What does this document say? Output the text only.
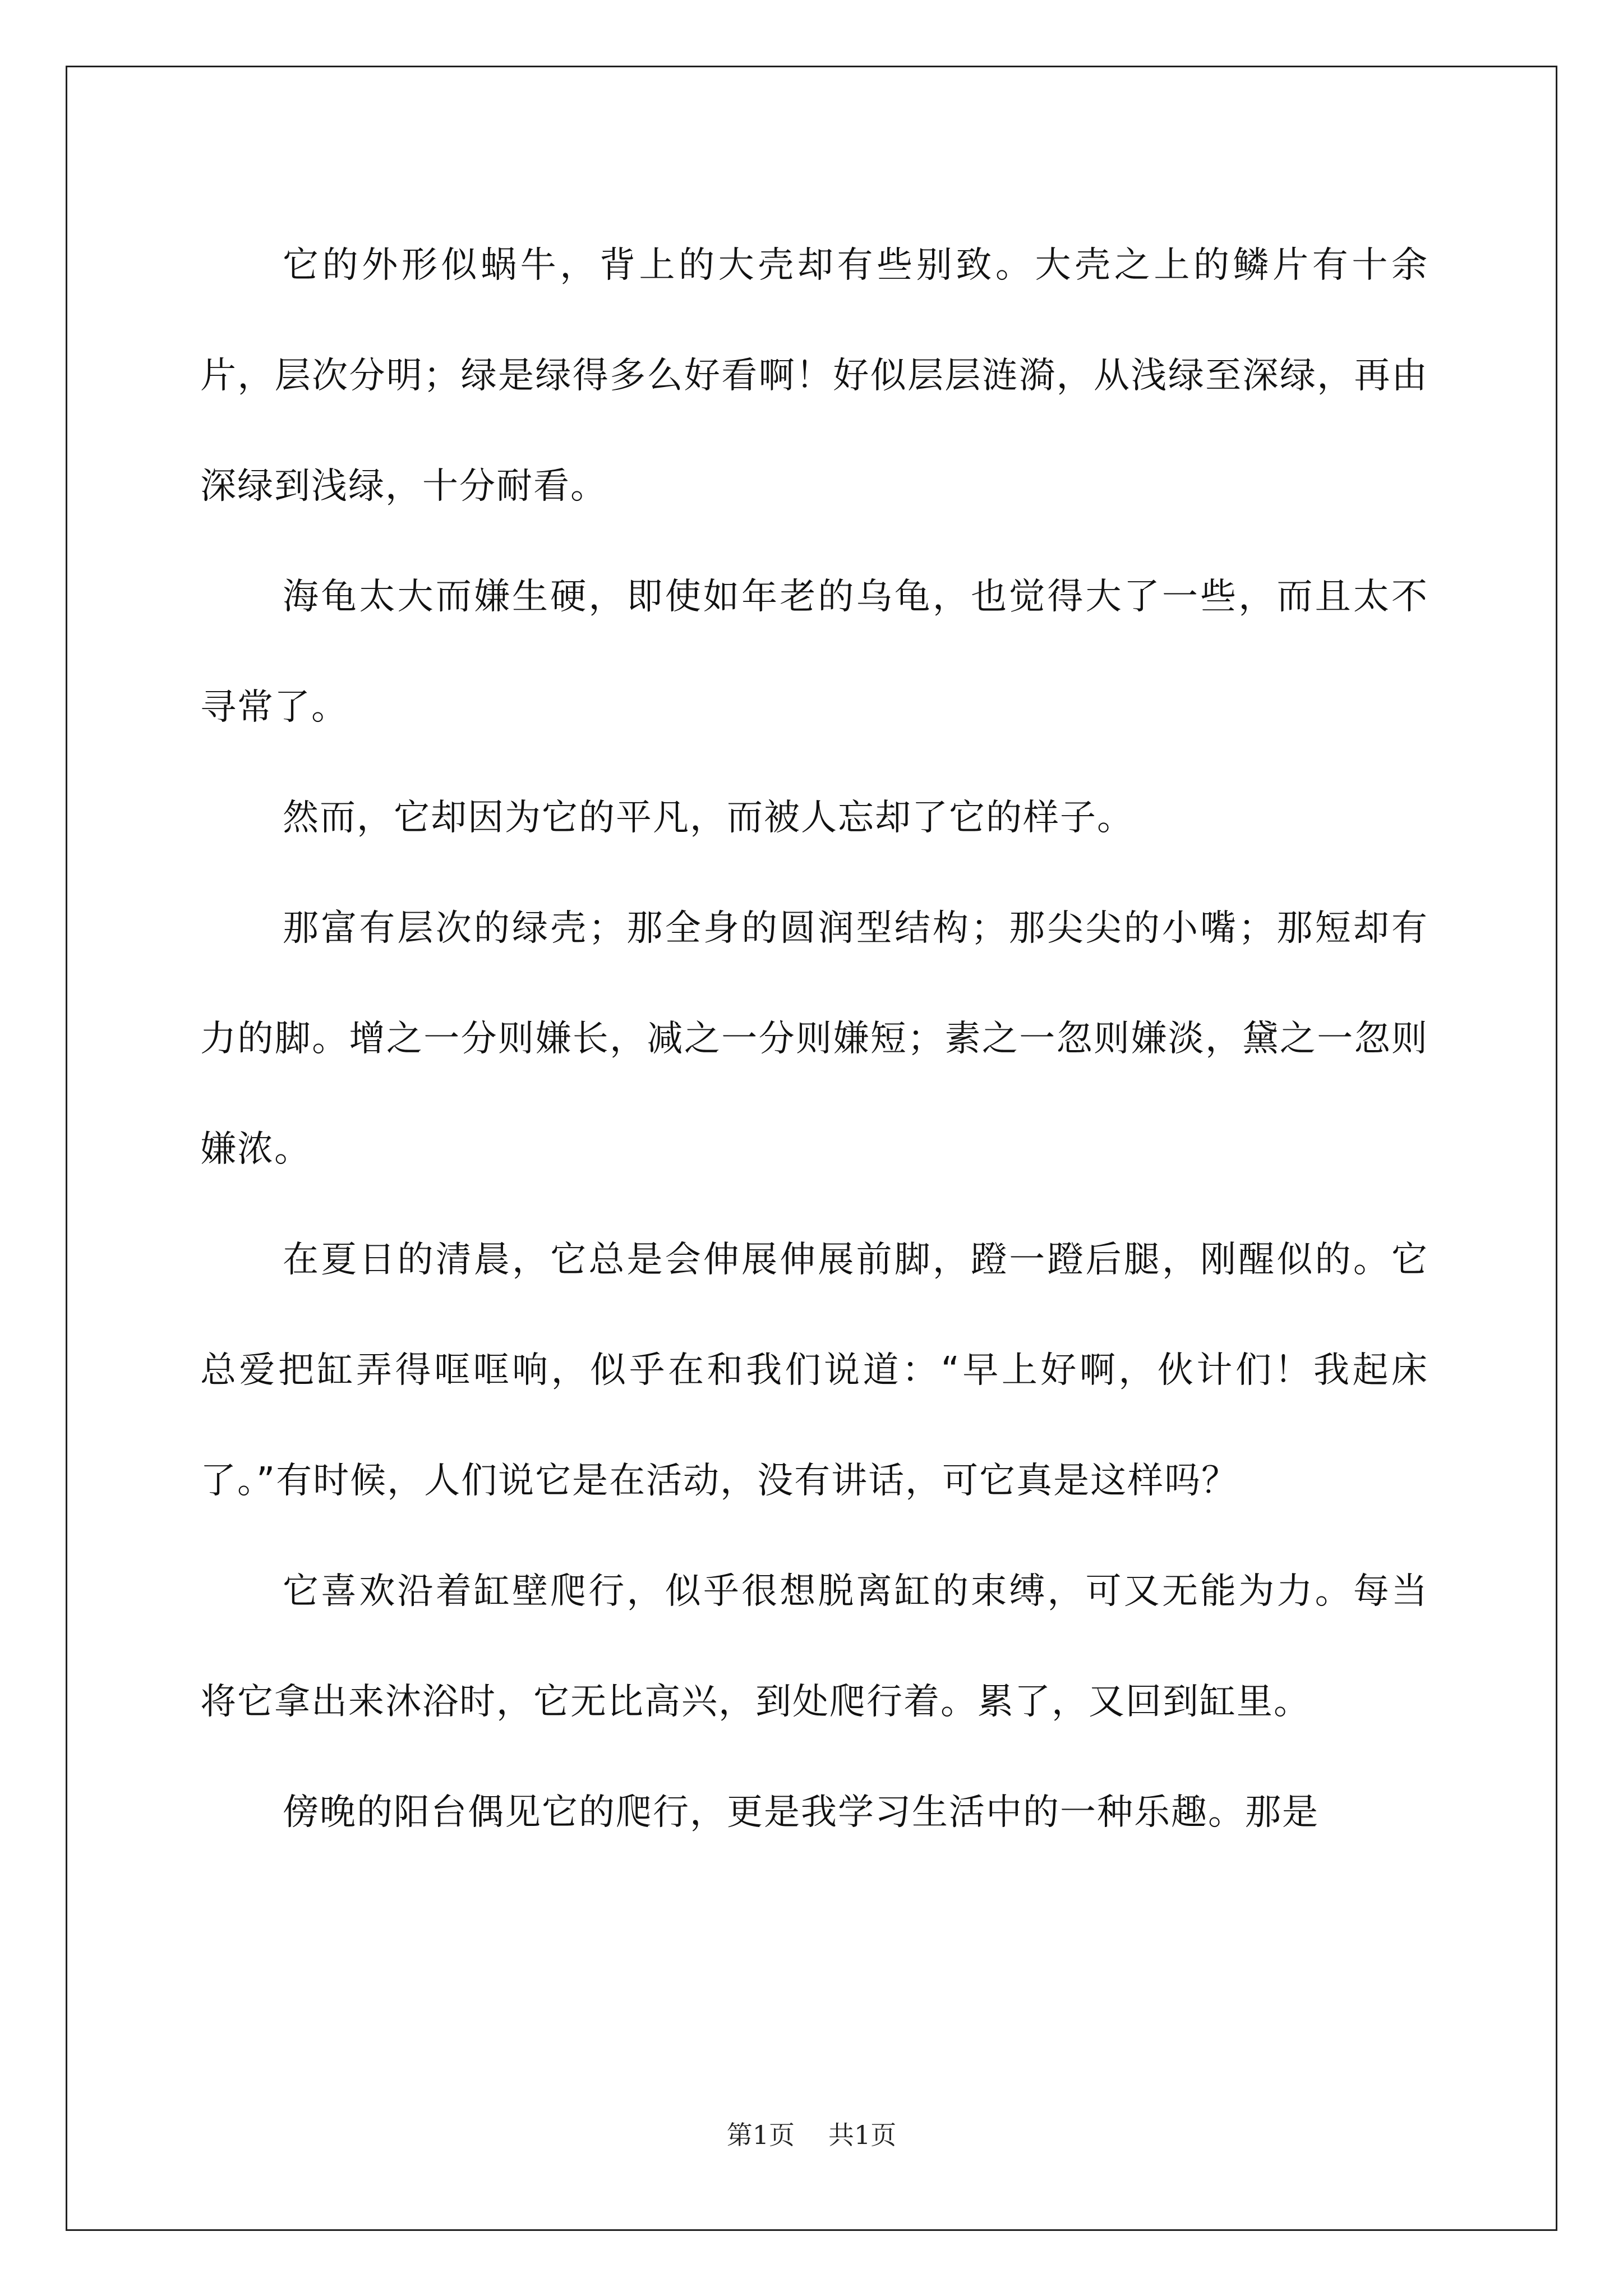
它的外形似蜗牛，背上的大壳却有些别致。大壳之上的鳞片有十余片，层次分明；绿是绿得多么好看啊！好似层层涟漪，从浅绿至深绿，再由深绿到浅绿，十分耐看。

海龟太大而嫌生硬，即使如年老的乌龟，也觉得大了一些，而且太不寻常了。

然而，它却因为它的平凡，而被人忘却了它的样子。

那富有层次的绿壳；那全身的圆润型结构；那尖尖的小嘴；那短却有力的脚。增之一分则嫌长，减之一分则嫌短；素之一忽则嫌淡，黛之一忽则嫌浓。

在夏日的清晨，它总是会伸展伸展前脚，蹬一蹬后腿，刚醒似的。它总爱把缸弄得哐哐响，似乎在和我们说道：“早上好啊，伙计们！我起床了。”有时候，人们说它是在活动，没有讲话，可它真是这样吗？

它喜欢沿着缸壁爬行，似乎很想脱离缸的束缚，可又无能为力。每当将它拿出来沐浴时，它无比高兴，到处爬行着。累了，又回到缸里。

傍晚的阳台偶见它的爬行，更是我学习生活中的一种乐趣。那是

第1页 共1页
